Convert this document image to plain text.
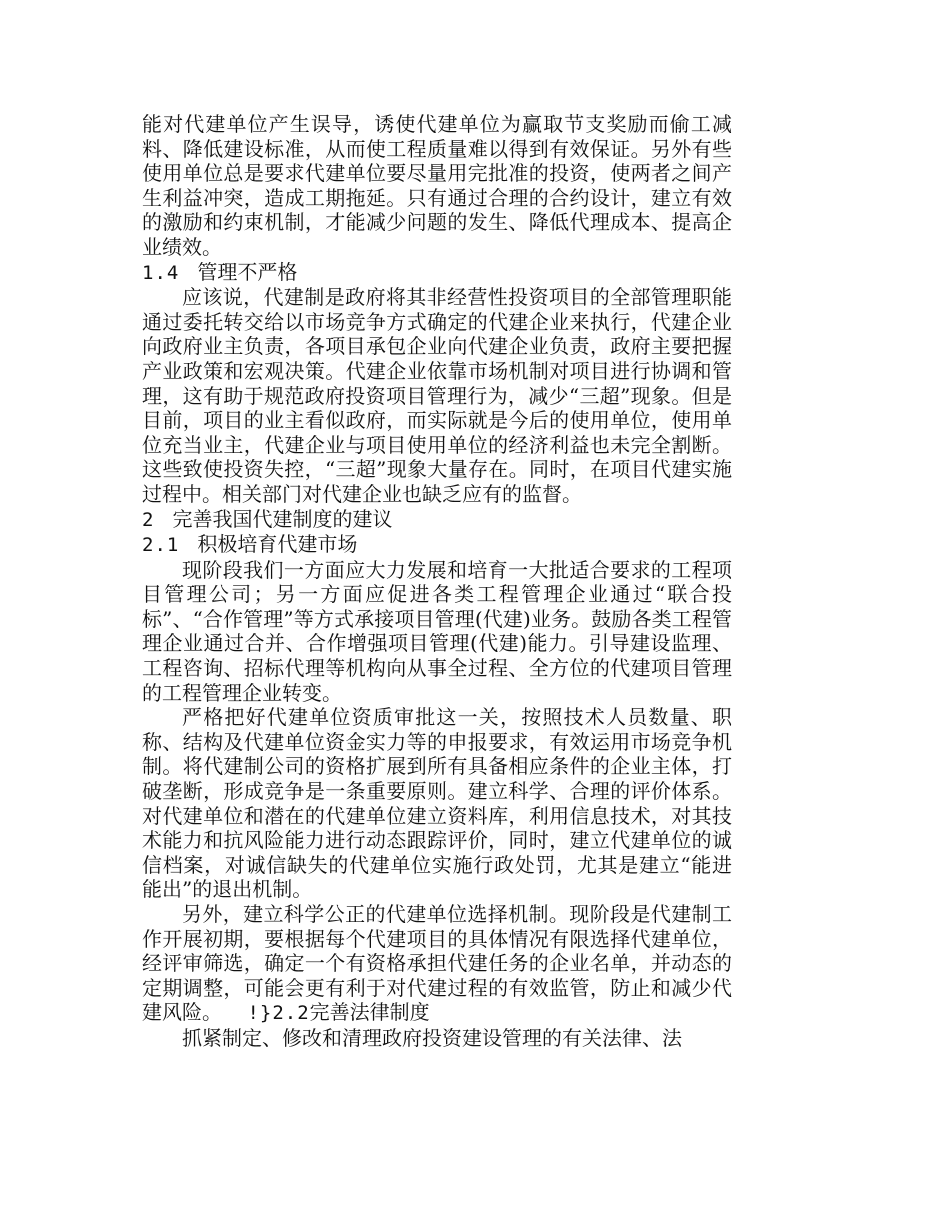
能对代建单位产生误导，诱使代建单位为赢取节支奖励而偷工减料、降低建设标准，从而使工程质量难以得到有效保证。另外有些使用单位总是要求代建单位要尽量用完批准的投资，使两者之间产生利益冲突，造成工期拖延。只有通过合理的合约设计，建立有效的激励和约束机制，才能减少问题的发生、降低代理成本、提高企业绩效。

1.4 管理不严格

应该说，代建制是政府将其非经营性投资项目的全部管理职能通过委托转交给以市场竞争方式确定的代建企业来执行，代建企业向政府业主负责，各项目承包企业向代建企业负责，政府主要把握产业政策和宏观决策。代建企业依靠市场机制对项目进行协调和管理，这有助于规范政府投资项目管理行为，减少“三超”现象。但是目前，项目的业主看似政府，而实际就是今后的使用单位，使用单位充当业主，代建企业与项目使用单位的经济利益也未完全割断。这些致使投资失控，“三超”现象大量存在。同时，在项目代建实施过程中。相关部门对代建企业也缺乏应有的监督。

2 完善我国代建制度的建议

2.1 积极培育代建市场

现阶段我们一方面应大力发展和培育一大批适合要求的工程项目管理公司；另一方面应促进各类工程管理企业通过“联合投标”、“合作管理”等方式承接项目管理(代建)业务。鼓励各类工程管理企业通过合并、合作增强项目管理(代建)能力。引导建设监理、工程咨询、招标代理等机构向从事全过程、全方位的代建项目管理的工程管理企业转变。

严格把好代建单位资质审批这一关，按照技术人员数量、职称、结构及代建单位资金实力等的申报要求，有效运用市场竞争机制。将代建制公司的资格扩展到所有具备相应条件的企业主体，打破垄断，形成竞争是一条重要原则。建立科学、合理的评价体系。对代建单位和潜在的代建单位建立资料库，利用信息技术，对其技术能力和抗风险能力进行动态跟踪评价，同时，建立代建单位的诚信档案，对诚信缺失的代建单位实施行政处罚，尤其是建立“能进能出”的退出机制。

另外，建立科学公正的代建单位选择机制。现阶段是代建制工作开展初期，要根据每个代建项目的具体情况有限选择代建单位，经评审筛选，确定一个有资格承担代建任务的企业名单，并动态的定期调整，可能会更有利于对代建过程的有效监管，防止和减少代建风险。 !}2.2完善法律制度

抓紧制定、修改和清理政府投资建设管理的有关法律、法
